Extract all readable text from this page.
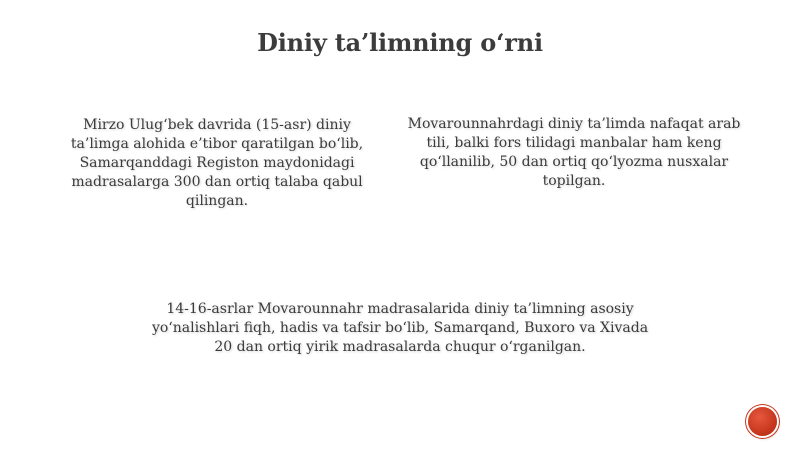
Diniy ta’limning o‘rni

Mirzo Ulug‘bek davrida (15-asr) diniy ta’limga alohida e’tibor qaratilgan bo‘lib, Samarqanddagi Registon maydonidagi madrasalarga 300 dan ortiq talaba qabul qilingan.

Movarounnahrdagi diniy ta’limda nafaqat arab tili, balki fors tilidagi manbalar ham keng qo‘llanilib, 50 dan ortiq qo‘lyozma nusxalar topilgan.

14-16-asrlar Movarounnahr madrasalarida diniy ta’limning asosiy yo‘nalishlari fiqh, hadis va tafsir bo‘lib, Samarqand, Buxoro va Xivada 20 dan ortiq yirik madrasalarda chuqur o‘rganilgan.
